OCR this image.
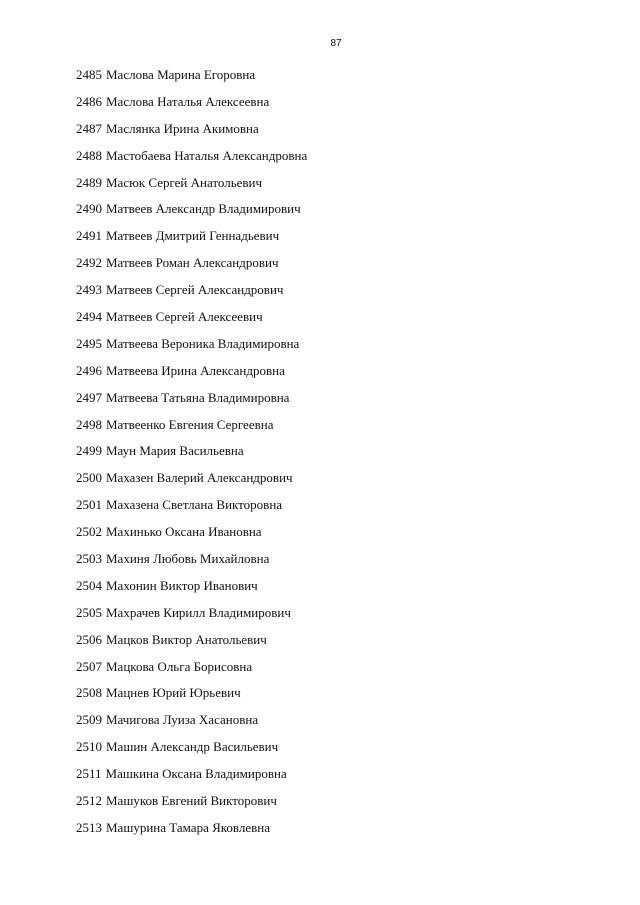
87
2485 Маслова Марина Егоровна
2486 Маслова Наталья Алексеевна
2487 Маслянка Ирина Акимовна
2488 Мастобаева Наталья Александровна
2489 Масюк Сергей Анатольевич
2490 Матвеев Александр Владимирович
2491 Матвеев Дмитрий Геннадьевич
2492 Матвеев Роман Александрович
2493 Матвеев Сергей Александрович
2494 Матвеев Сергей Алексеевич
2495 Матвеева Вероника Владимировна
2496 Матвеева Ирина Александровна
2497 Матвеева Татьяна Владимировна
2498 Матвеенко Евгения Сергеевна
2499 Маун Мария Васильевна
2500 Махазен Валерий Александрович
2501 Махазена Светлана Викторовна
2502 Махинько Оксана Ивановна
2503 Махиня Любовь Михайловна
2504 Махонин Виктор Иванович
2505 Махрачев Кирилл Владимирович
2506 Мацков Виктор Анатольевич
2507 Мацкова Ольга Борисовна
2508 Мацнев Юрий Юрьевич
2509 Мачигова Луиза Хасановна
2510 Машин Александр Васильевич
2511 Машкина Оксана Владимировна
2512 Машуков Евгений Викторович
2513 Машурина Тамара Яковлевна
